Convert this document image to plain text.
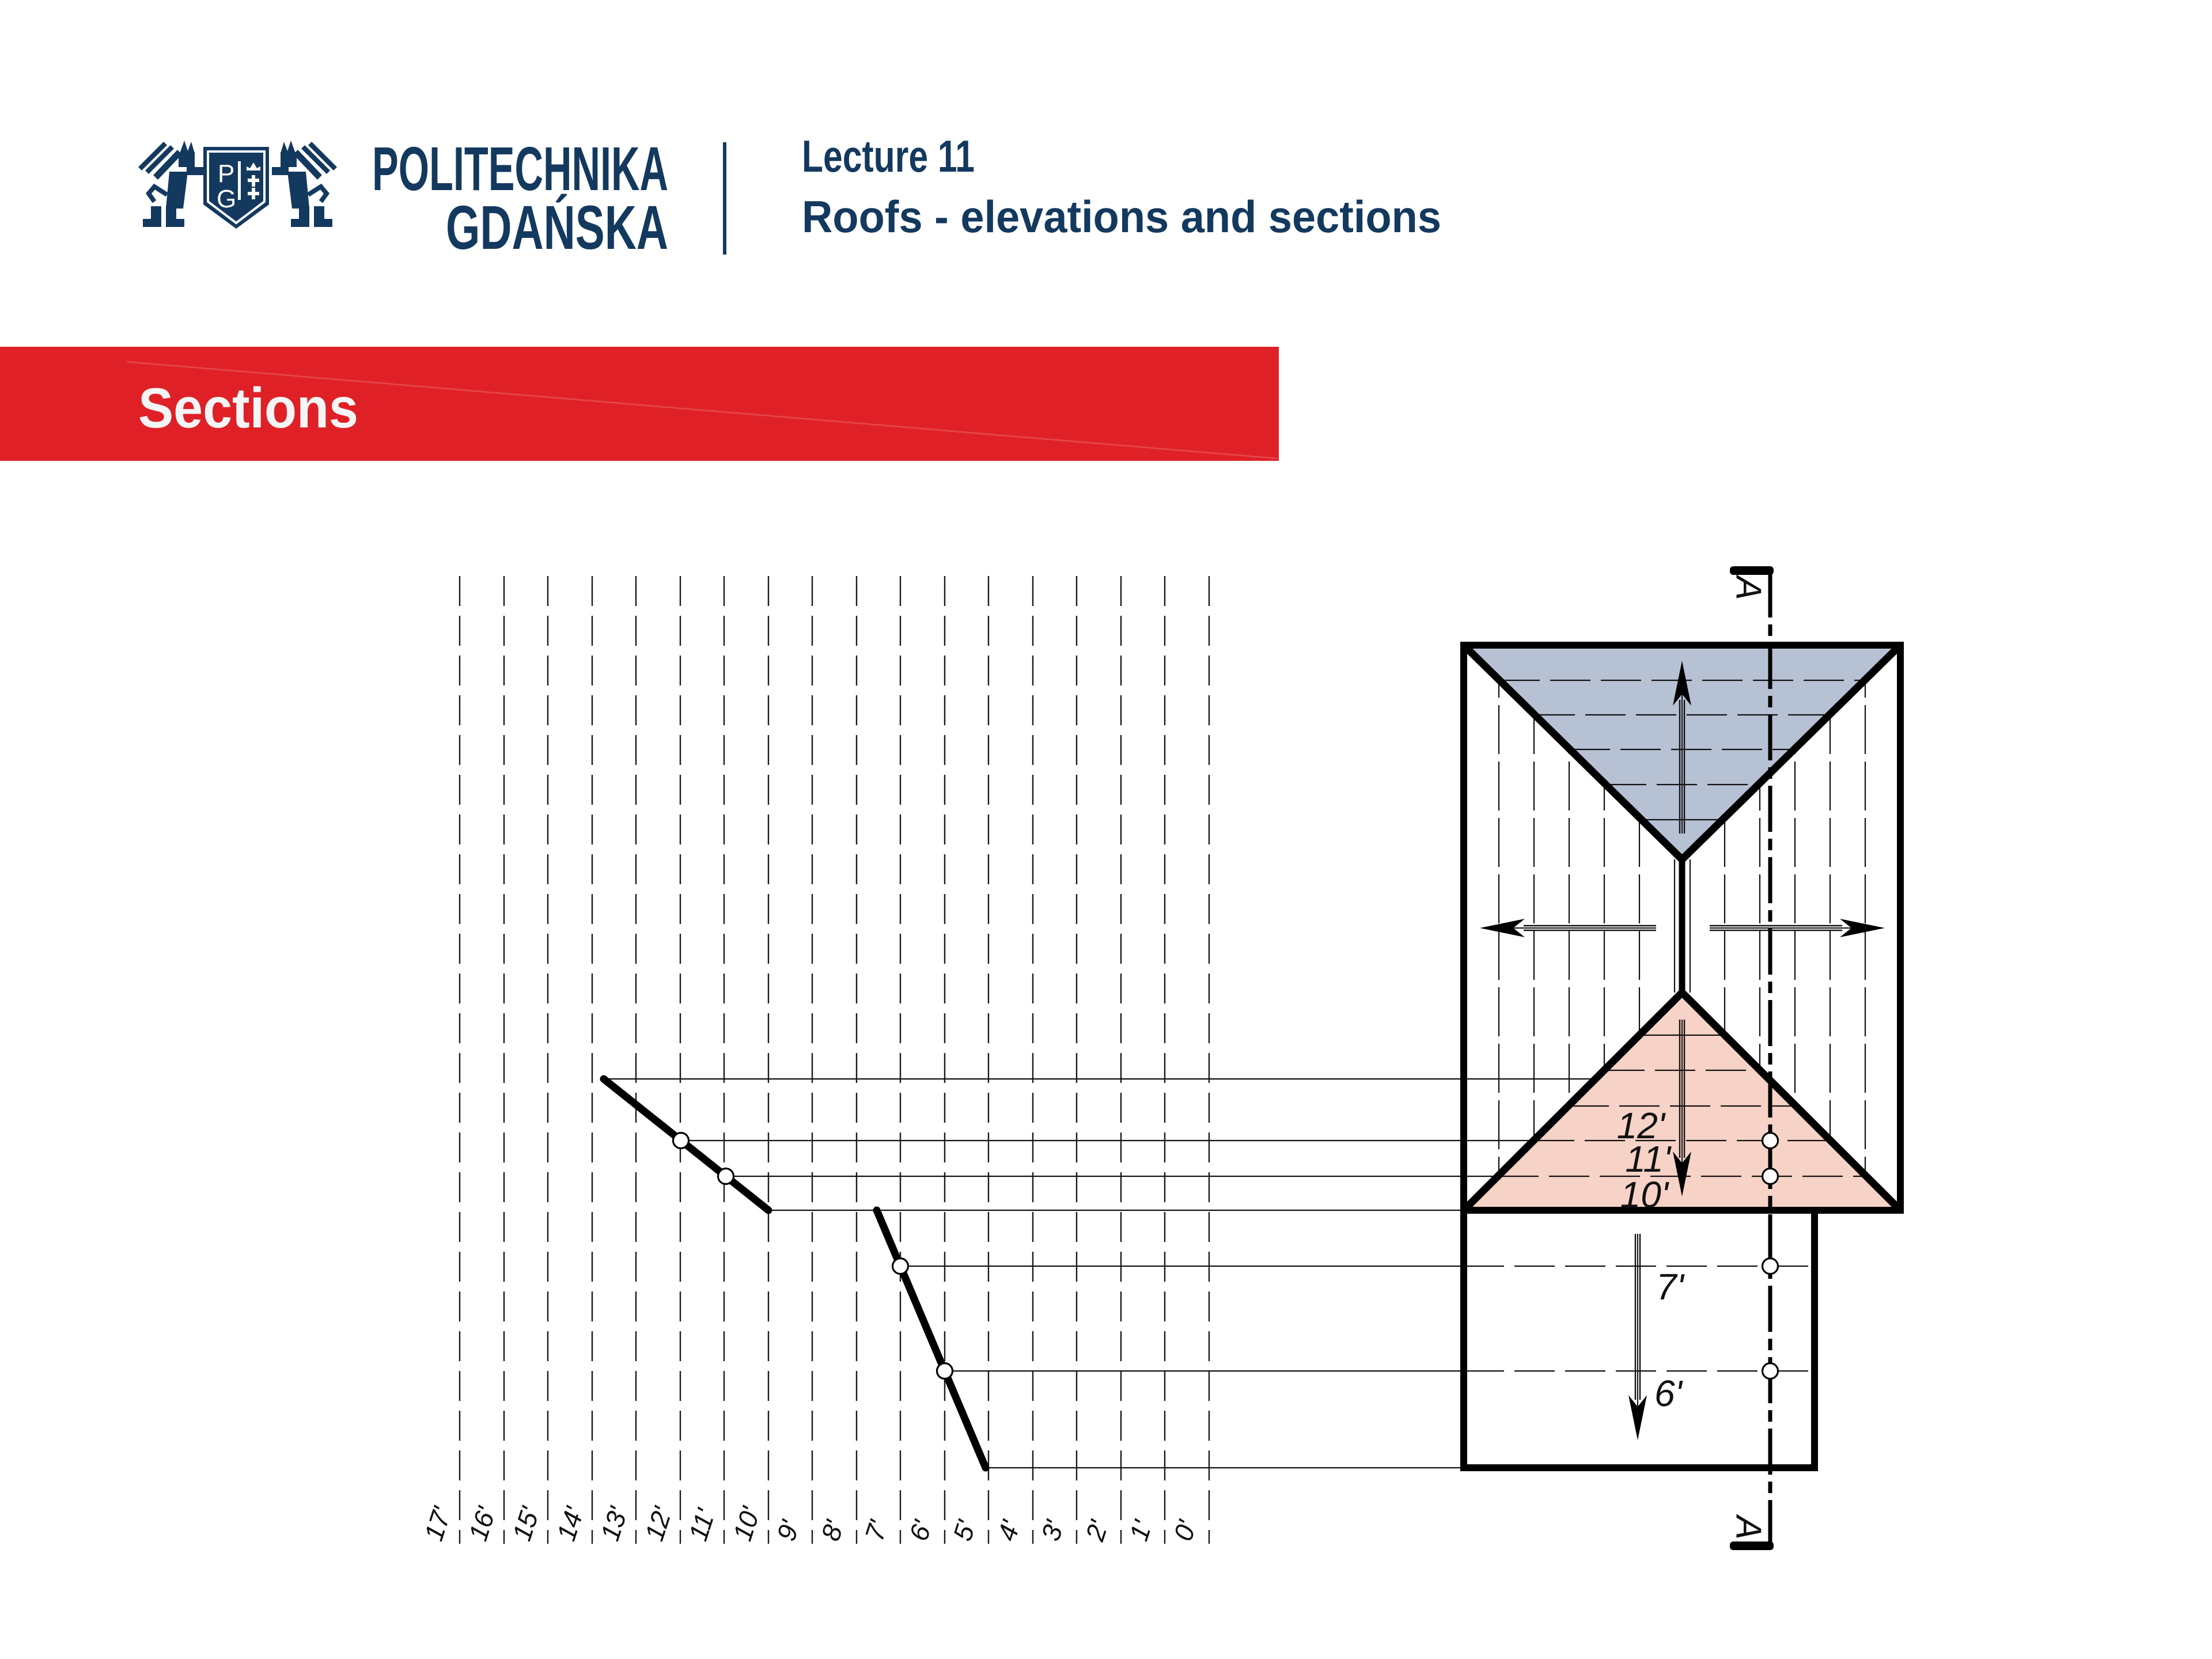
P
G POLITECHNIKA
GDAŃSKA
Lecture 11
Roofs - elevations and sections
Sections
17' 16' 15' 14' 13' 12' 11' 10' 9' 8' 7' 6' 5' 4' 3' 2' 1' 0'
A
A
12'
11'
10'
7'
6'
